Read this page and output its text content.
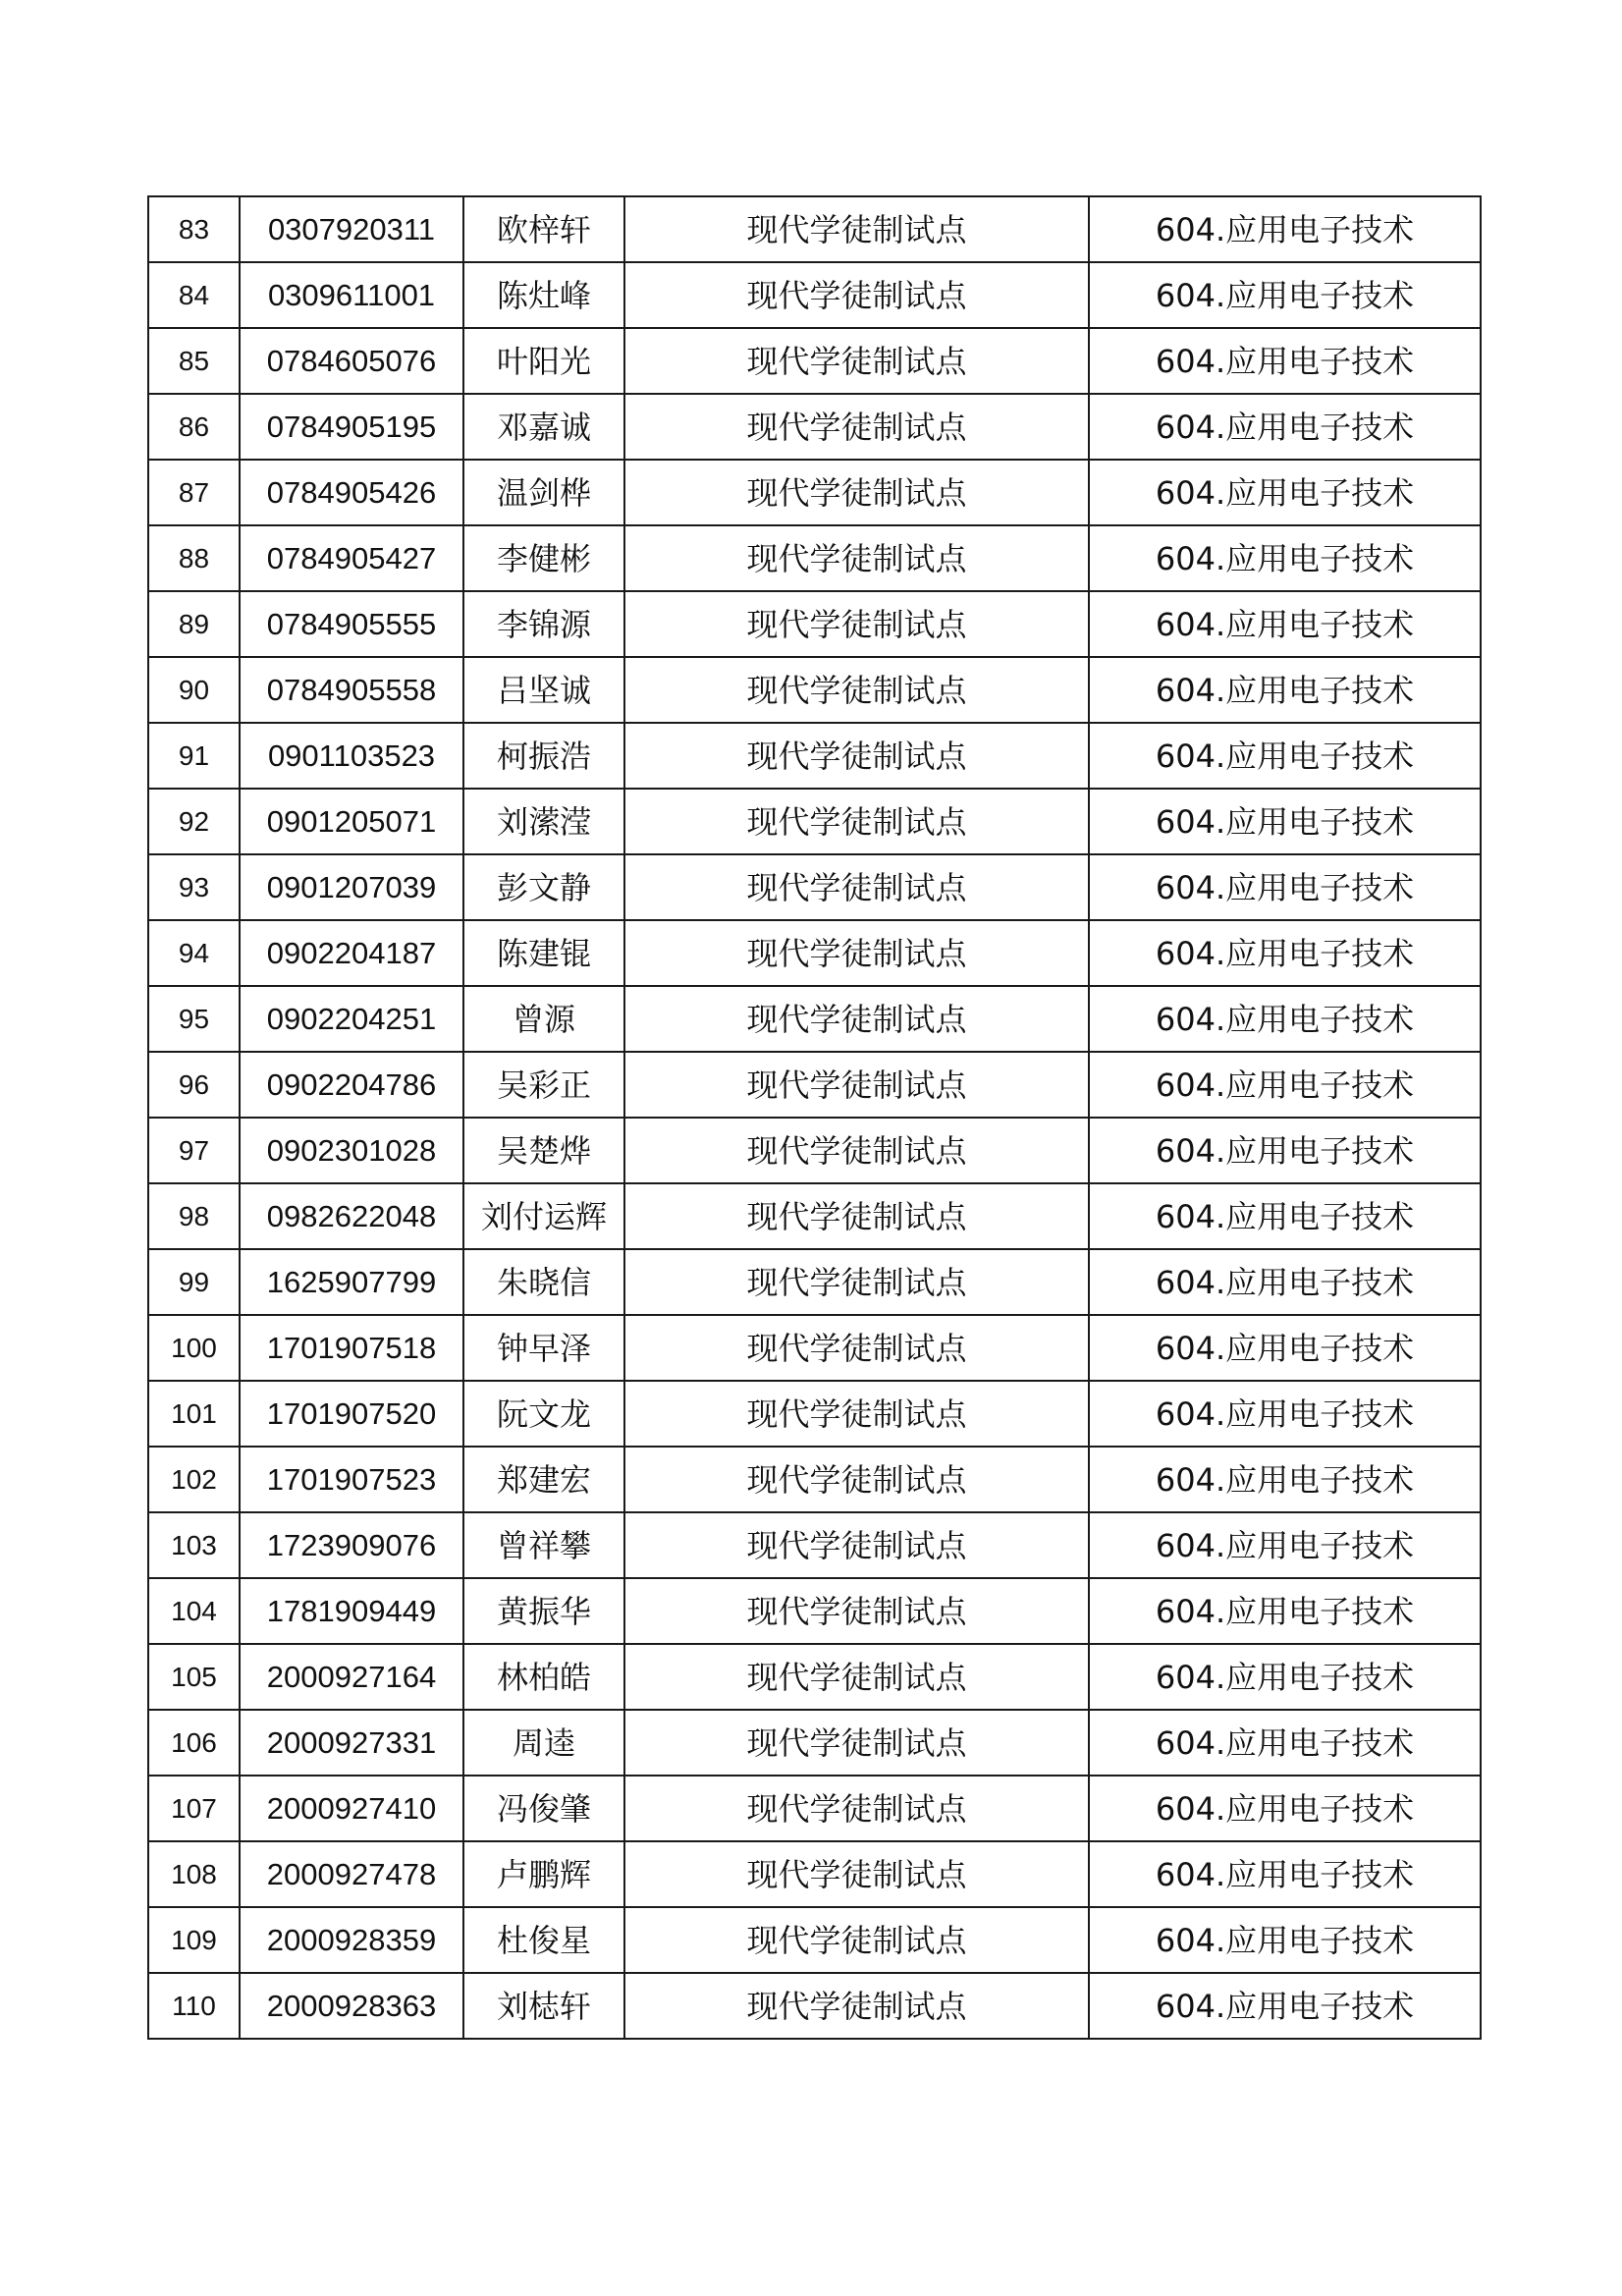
83	0307920311	欧梓轩	现代学徒制试点	604.应用电子技术
84	0309611001	陈灶峰	现代学徒制试点	604.应用电子技术
85	0784605076	叶阳光	现代学徒制试点	604.应用电子技术
86	0784905195	邓嘉诚	现代学徒制试点	604.应用电子技术
87	0784905426	温剑桦	现代学徒制试点	604.应用电子技术
88	0784905427	李健彬	现代学徒制试点	604.应用电子技术
89	0784905555	李锦源	现代学徒制试点	604.应用电子技术
90	0784905558	吕坚诚	现代学徒制试点	604.应用电子技术
91	0901103523	柯振浩	现代学徒制试点	604.应用电子技术
92	0901205071	刘潆滢	现代学徒制试点	604.应用电子技术
93	0901207039	彭文静	现代学徒制试点	604.应用电子技术
94	0902204187	陈建锟	现代学徒制试点	604.应用电子技术
95	0902204251	曾源	现代学徒制试点	604.应用电子技术
96	0902204786	吴彩正	现代学徒制试点	604.应用电子技术
97	0902301028	吴楚烨	现代学徒制试点	604.应用电子技术
98	0982622048	刘付运辉	现代学徒制试点	604.应用电子技术
99	1625907799	朱晓信	现代学徒制试点	604.应用电子技术
100	1701907518	钟早泽	现代学徒制试点	604.应用电子技术
101	1701907520	阮文龙	现代学徒制试点	604.应用电子技术
102	1701907523	郑建宏	现代学徒制试点	604.应用电子技术
103	1723909076	曾祥攀	现代学徒制试点	604.应用电子技术
104	1781909449	黄振华	现代学徒制试点	604.应用电子技术
105	2000927164	林柏皓	现代学徒制试点	604.应用电子技术
106	2000927331	周逵	现代学徒制试点	604.应用电子技术
107	2000927410	冯俊肇	现代学徒制试点	604.应用电子技术
108	2000927478	卢鹏辉	现代学徒制试点	604.应用电子技术
109	2000928359	杜俊星	现代学徒制试点	604.应用电子技术
110	2000928363	刘梽轩	现代学徒制试点	604.应用电子技术
